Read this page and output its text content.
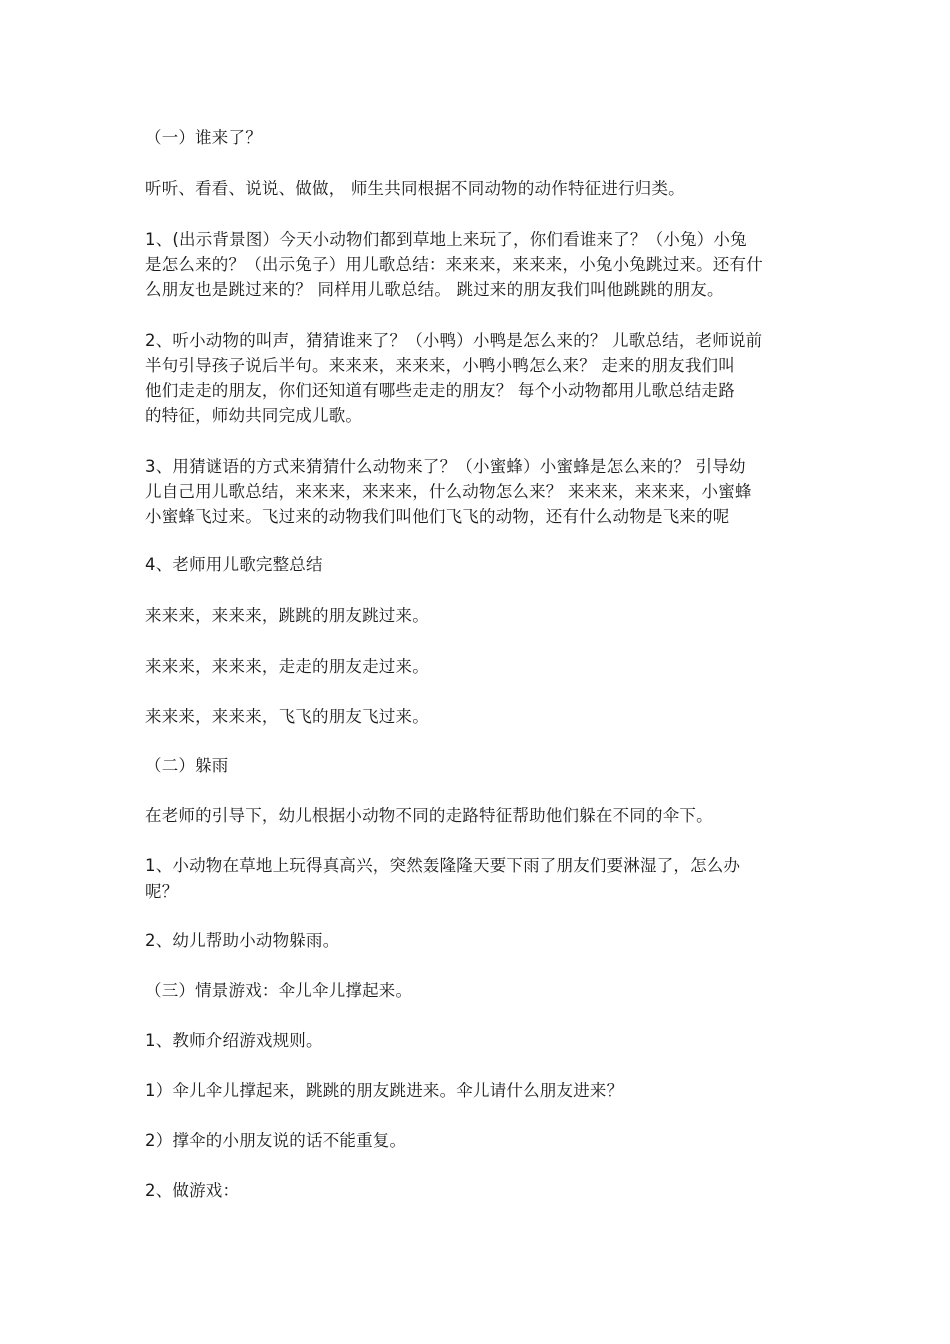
（一）谁来了？
听听、看看、说说、做做， 师生共同根据不同动物的动作特征进行归类。
1、(出示背景图）今天小动物们都到草地上来玩了，你们看谁来了？（小兔）小兔
是怎么来的？（出示兔子）用儿歌总结：来来来，来来来，小兔小兔跳过来。还有什
么朋友也是跳过来的？ 同样用儿歌总结。 跳过来的朋友我们叫他跳跳的朋友。
2、听小动物的叫声，猜猜谁来了？（小鸭）小鸭是怎么来的？ 儿歌总结，老师说前
半句引导孩子说后半句。来来来，来来来，小鸭小鸭怎么来？ 走来的朋友我们叫
他们走走的朋友，你们还知道有哪些走走的朋友？ 每个小动物都用儿歌总结走路
的特征，师幼共同完成儿歌。
3、用猜谜语的方式来猜猜什么动物来了？（小蜜蜂）小蜜蜂是怎么来的？ 引导幼
儿自己用儿歌总结，来来来，来来来，什么动物怎么来？ 来来来，来来来，小蜜蜂
小蜜蜂飞过来。飞过来的动物我们叫他们飞飞的动物，还有什么动物是飞来的呢
4、老师用儿歌完整总结
来来来，来来来，跳跳的朋友跳过来。
来来来，来来来，走走的朋友走过来。
来来来，来来来，飞飞的朋友飞过来。
（二）躲雨
在老师的引导下，幼儿根据小动物不同的走路特征帮助他们躲在不同的伞下。
1、小动物在草地上玩得真高兴，突然轰隆隆天要下雨了朋友们要淋湿了，怎么办
呢？
2、幼儿帮助小动物躲雨。
（三）情景游戏：伞儿伞儿撑起来。
1、教师介绍游戏规则。
1）伞儿伞儿撑起来，跳跳的朋友跳进来。伞儿请什么朋友进来？
2）撑伞的小朋友说的话不能重复。
2、做游戏：
